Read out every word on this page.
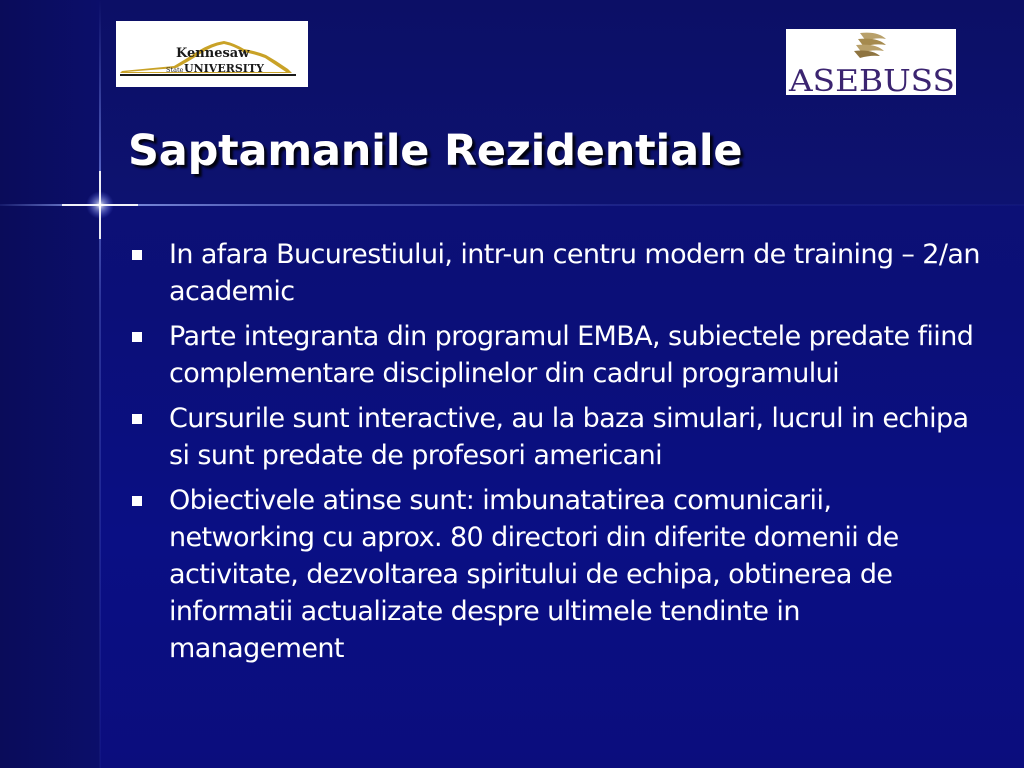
Kennesaw
State UNIVERSITY	ASEBUSS
Saptamanile Rezidentiale
In afara Bucurestiului, intr-un centru modern de training – 2/an academic
Parte integranta din programul EMBA, subiectele predate fiind complementare disciplinelor din cadrul programului
Cursurile sunt interactive, au la baza simulari, lucrul in echipa si sunt predate de profesori americani
Obiectivele atinse sunt: imbunatatirea comunicarii, networking cu aprox. 80 directori din diferite domenii de activitate, dezvoltarea spiritului de echipa, obtinerea de informatii actualizate despre ultimele tendinte in management
